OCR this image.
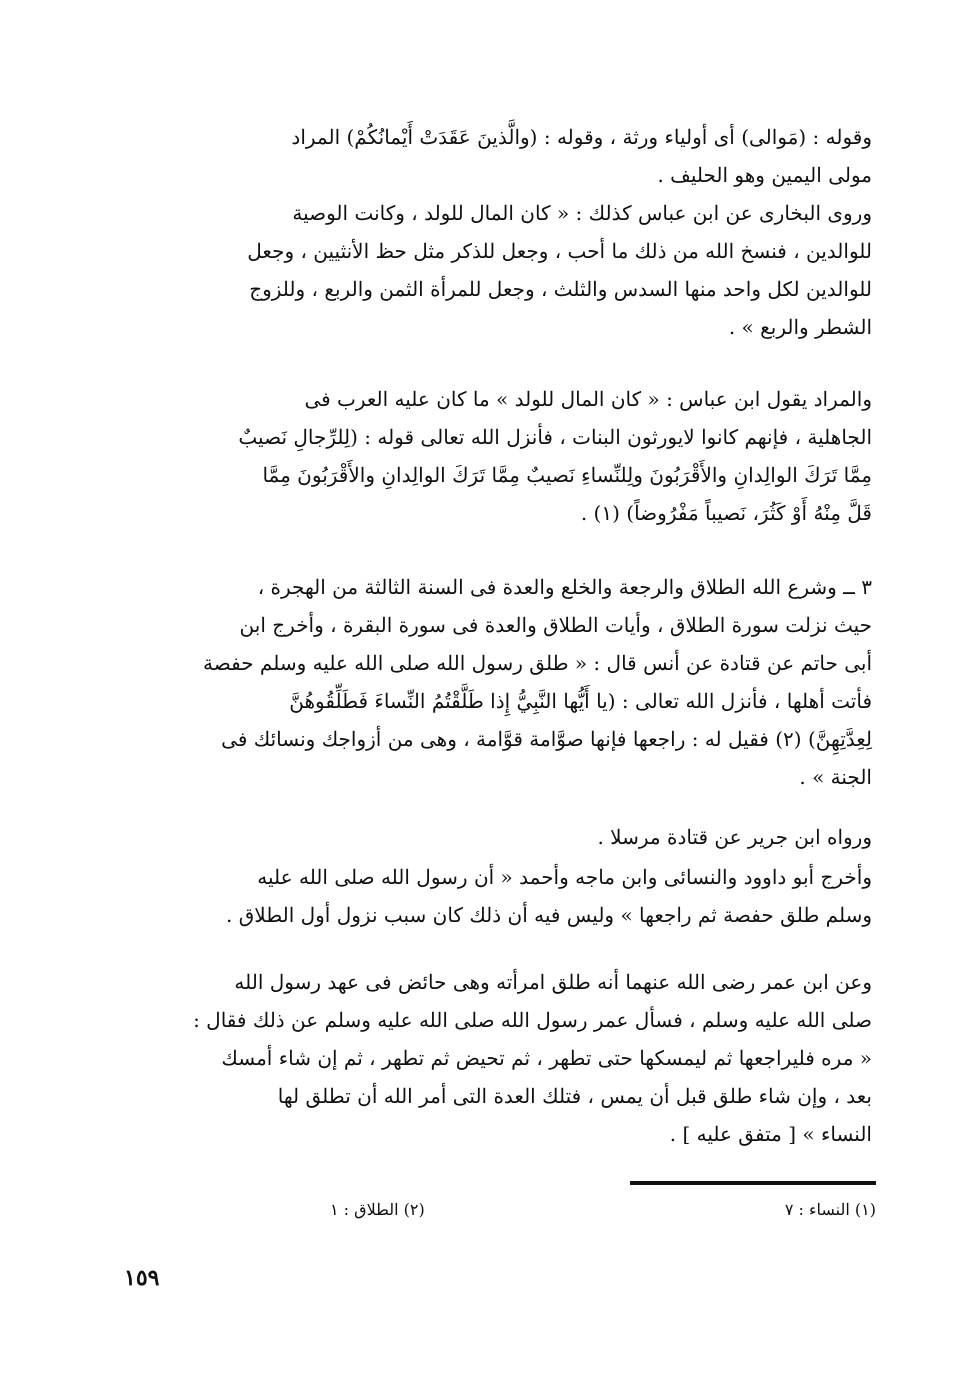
وقوله : (مَوالى) أى أولياء ورثة ، وقوله : (والَّذينَ عَقَدَتْ أَيْمانُكُمْ) المراد
مولى اليمين وهو الحليف .

وروى البخارى عن ابن عباس كذلك : « كان المال للولد ، وكانت الوصية
للوالدين ، فنسخ الله من ذلك ما أحب ، وجعل للذكر مثل حظ الأنثيين ، وجعل
للوالدين لكل واحد منها السدس والثلث ، وجعل للمرأة الثمن والربع ، وللزوج
الشطر والربع » .

والمراد يقول ابن عباس : « كان المال للولد » ما كان عليه العرب فى
الجاهلية ، فإنهم كانوا لايورثون البنات ، فأنزل الله تعالى قوله : (لِلرِّجالِ نَصيبٌ
مِمَّا تَرَكَ الوالِدانِ والأَقْرَبُونَ ولِلنِّساءِ نَصيبٌ مِمَّا تَرَكَ الوالِدانِ والأَقْرَبُونَ مِمَّا
قَلَّ مِنْهُ أَوْ كَثُرَ، نَصيباً مَفْرُوضاً) (١) .

٣ ــ وشرع الله الطلاق والرجعة والخلع والعدة فى السنة الثالثة من الهجرة ،
حيث نزلت سورة الطلاق ، وأيات الطلاق والعدة فى سورة البقرة ، وأخرج ابن
أبى حاتم عن قتادة عن أنس قال : « طلق رسول الله صلى الله عليه وسلم حفصة
فأتت أهلها ، فأنزل الله تعالى : (يا أَيُّها النَّبِيُّ إِذا طَلَّقْتُمُ النِّساءَ فَطَلِّقُوهُنَّ
لِعِدَّتِهِنَّ) (٢) فقيل له : راجعها فإنها صوَّامة قوَّامة ، وهى من أزواجك ونسائك فى
الجنة » .

ورواه ابن جرير عن قتادة مرسلا .

وأخرج أبو داوود والنسائى وابن ماجه وأحمد « أن رسول الله صلى الله عليه
وسلم طلق حفصة ثم راجعها » وليس فيه أن ذلك كان سبب نزول أول الطلاق .

وعن ابن عمر رضى الله عنهما أنه طلق امرأته وهى حائض فى عهد رسول الله
صلى الله عليه وسلم ، فسأل عمر رسول الله صلى الله عليه وسلم عن ذلك فقال :
« مره فليراجعها ثم ليمسكها حتى تطهر ، ثم تحيض ثم تطهر ، ثم إن شاء أمسك
بعد ، وإن شاء طلق قبل أن يمس ، فتلك العدة التى أمر الله أن تطلق لها
النساء » [ متفق عليه ] .

(١) النساء : ٧
(٢) الطلاق : ١
١٥٩
